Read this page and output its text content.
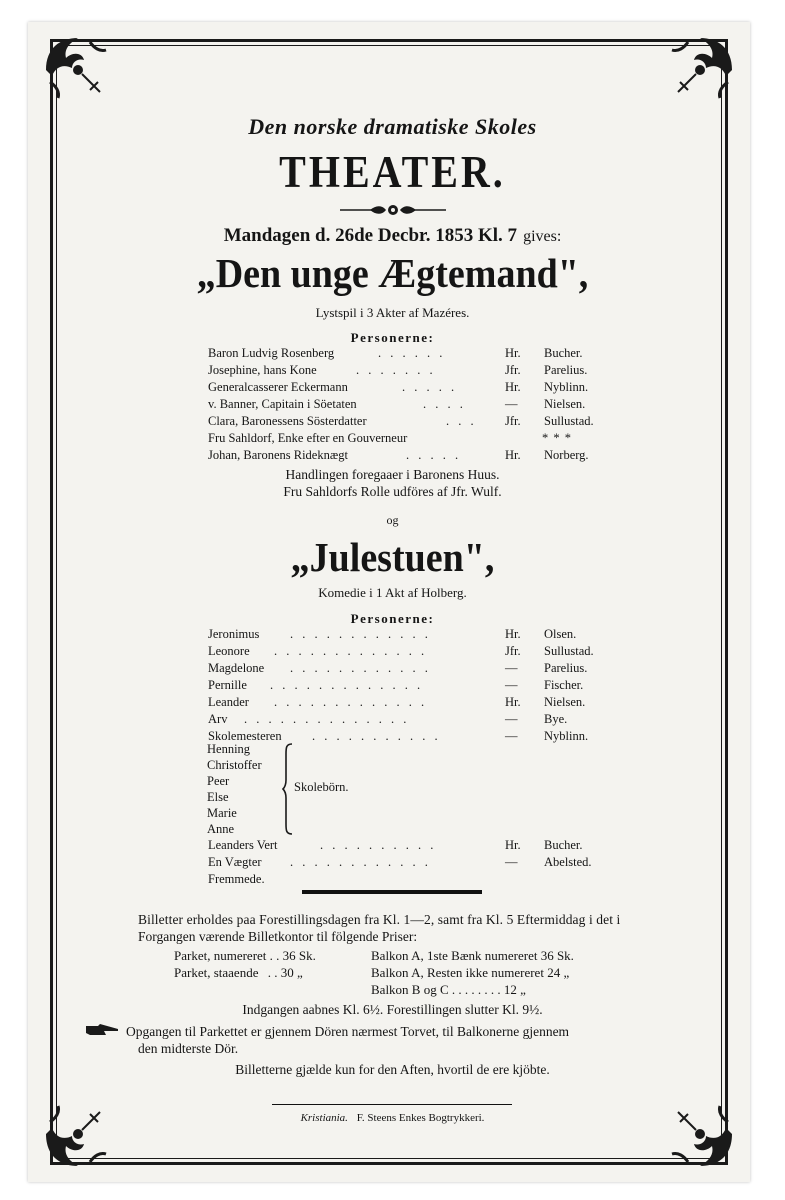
Den norske dramatiske Skoles
THEATER.
Mandagen d. 26de Decbr. 1853 Kl. 7 gives:
„Den unge Ægtemand",
Lystspil i 3 Akter af Mazéres.
Personerne:
Baron Ludvig Rosenberg	. . . . . .	Hr. Bucher.
Josephine, hans Kone	. . . . . . .	Jfr. Parelius.
Generalcasserer Eckermann	. . . . .	Hr. Nyblinn.
v. Banner, Capitain i Söetaten	. . . .	— Nielsen.
Clara, Baronessens Sösterdatter	. . . Jfr. Sullustad.
Fru Sahldorf, Enke efter en Gouverneur	* * *
Johan, Baronens Rideknægt	. . . . .	Hr. Norberg.
Handlingen foregaaer i Baronens Huus.
Fru Sahldorfs Rolle udföres af Jfr. Wulf.
og
„Julestuen",
Komedie i 1 Akt af Holberg.
Personerne:
Jeronimus . . . . . . . . . . . .	Hr. Olsen.
Leonore . . . . . . . . . . . . .	Jfr. Sullustad.
Magdelone . . . . . . . . . . . .	— Parelius.
Pernille . . . . . . . . . . . . .	— Fischer.
Leander . . . . . . . . . . . . .	Hr. Nielsen.
Arv . . . . . . . . . . . . . .	— Bye.
Skolemesteren . . . . . . . . . . .	— Nyblinn.
Henning
Christoffer
Peer
Else
Marie
Anne
Skolebörn.
Leanders Vert	. . . . . . . . . .	Hr. Bucher.
En Vægter . . . . . . . . . . . .	— Abelsted.
Fremmede.
Billetter erholdes paa Forestillingsdagen fra Kl. 1—2, samt fra Kl. 5 Eftermiddag i det i
Forgangen værende Billetkontor til fölgende Priser:
Parket, numereret . . 36 Sk.
Parket, staaende . . 30 „
Balkon A, 1ste Bænk numereret 36 Sk.
Balkon A, Resten ikke numereret 24 „
Balkon B og C . . . . . . . . 12 „
Indgangen aabnes Kl. 6½. Forestillingen slutter Kl. 9½.
Opgangen til Parkettet er gjennem Dören nærmest Torvet, til Balkonerne gjennem
den midterste Dör.
Billetterne gjælde kun for den Aften, hvortil de ere kjöbte.
Kristiania. F. Steens Enkes Bogtrykkeri.
